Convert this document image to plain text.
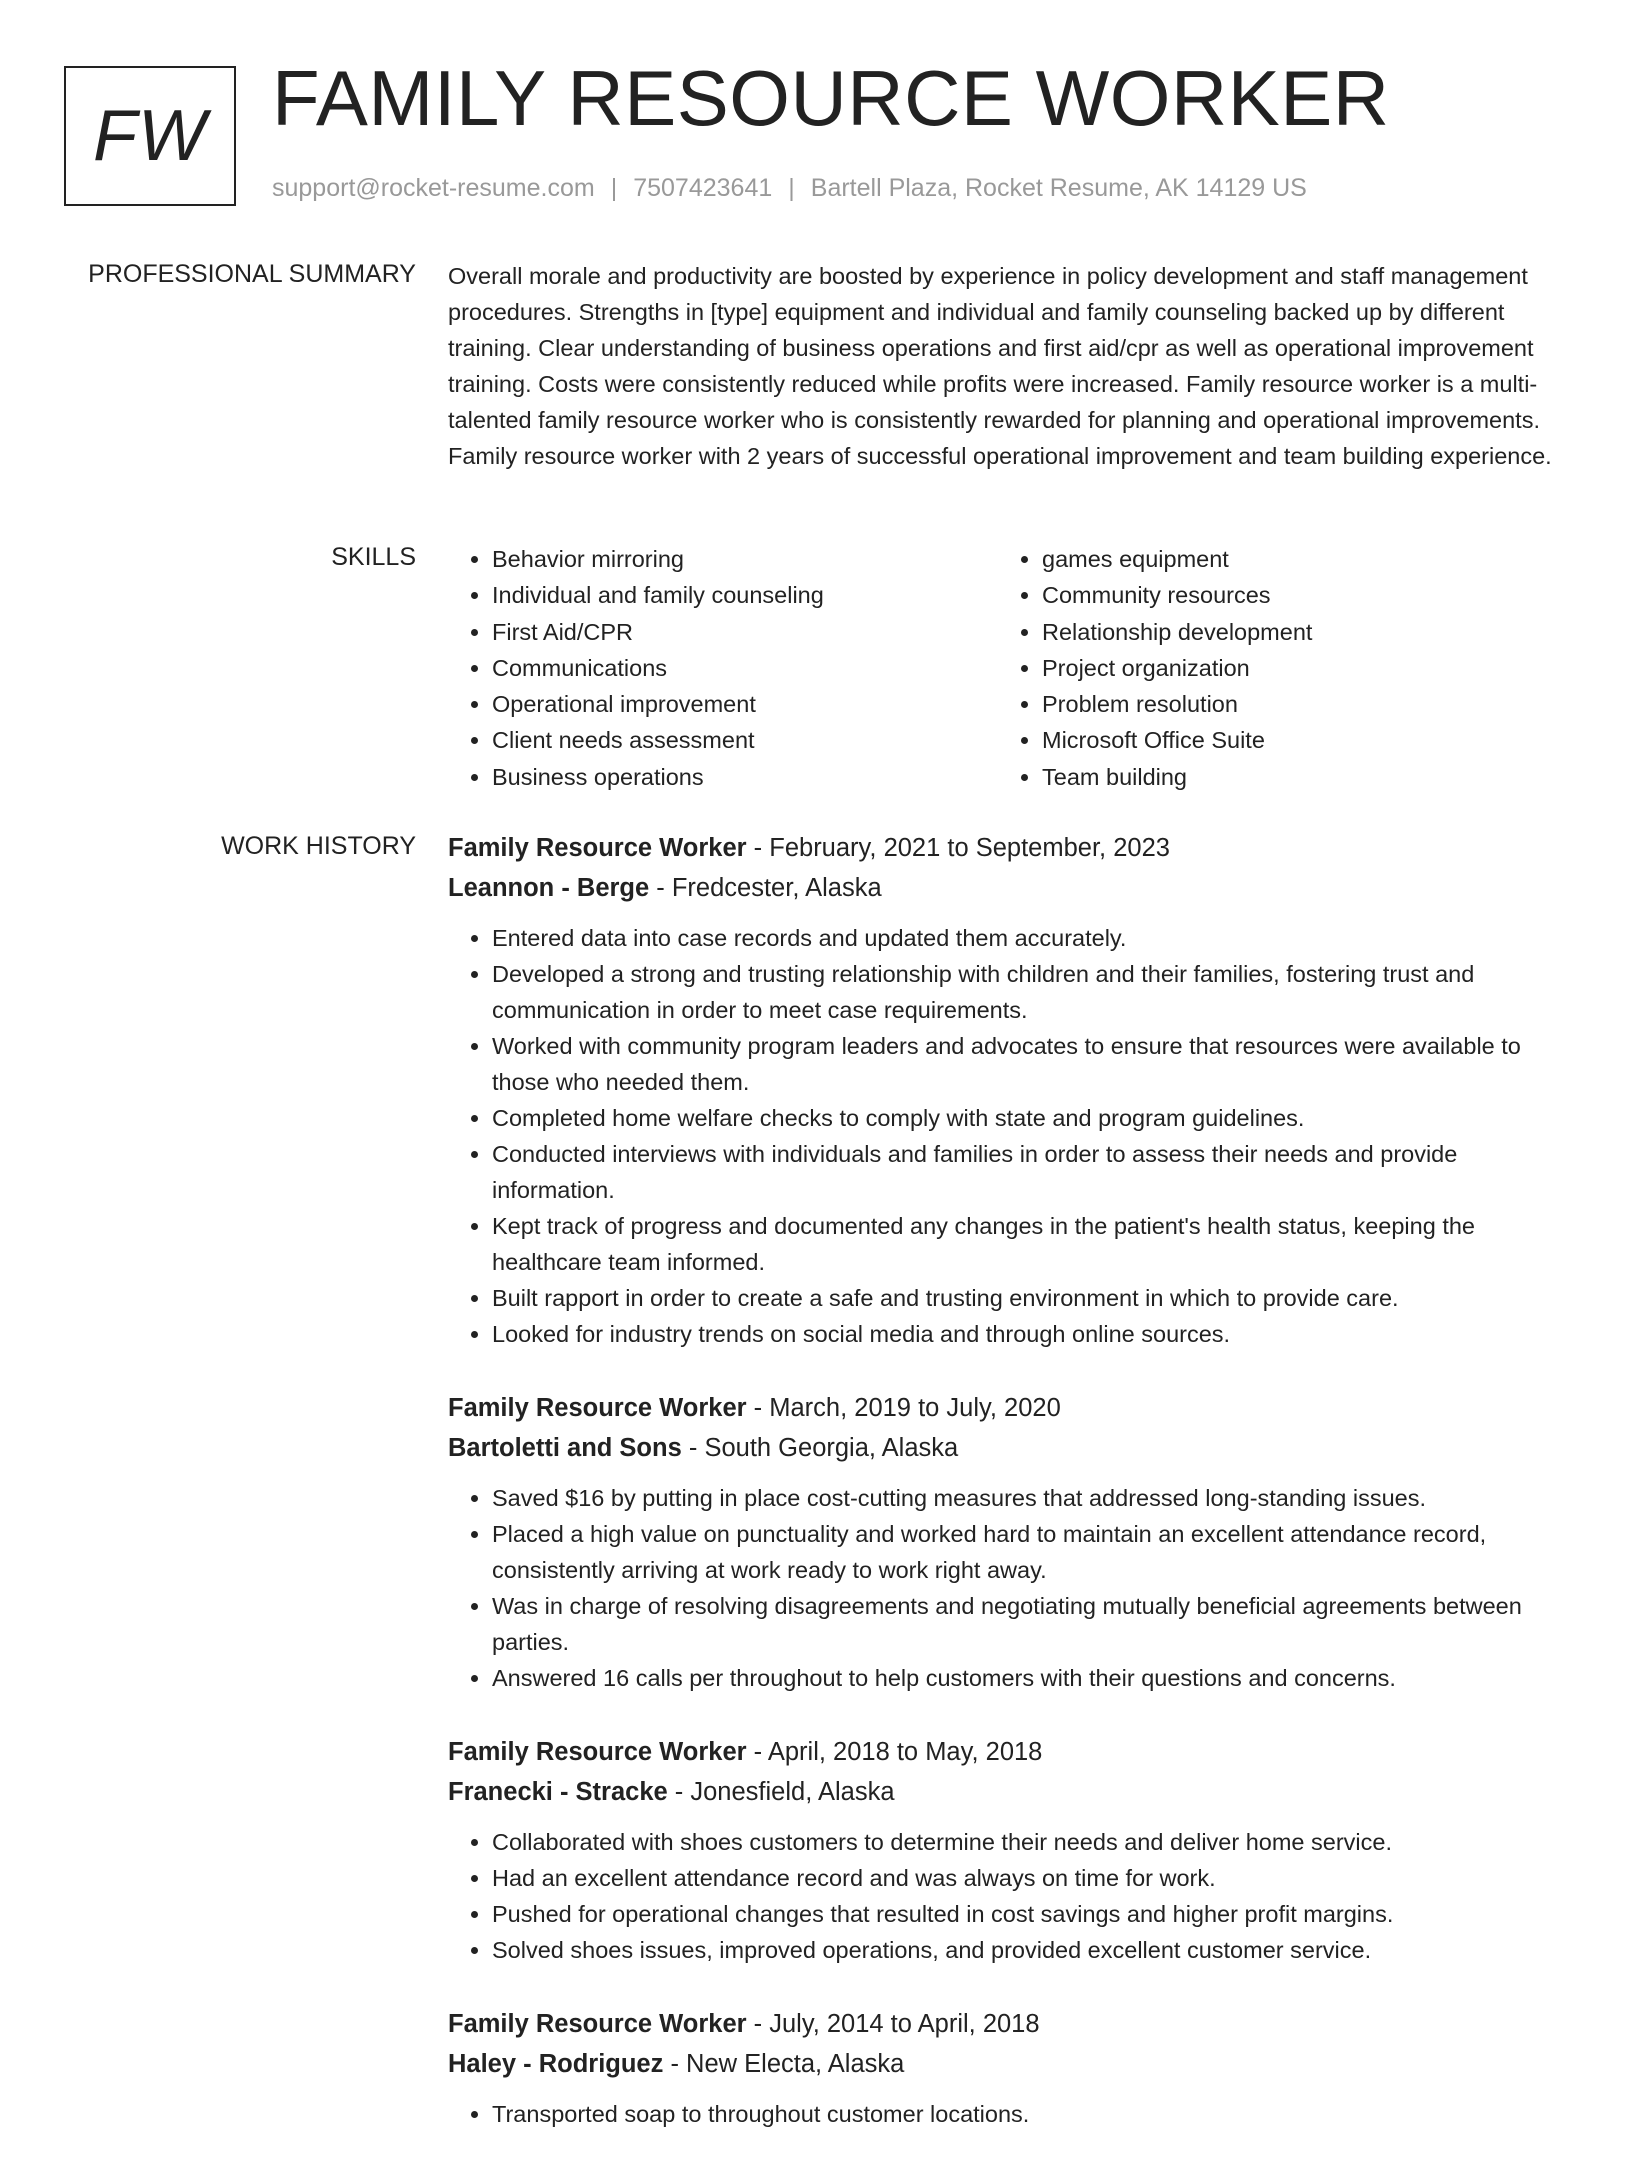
FW FAMILY RESOURCE WORKER
support@rocket-resume.com | 7507423641 | Bartell Plaza, Rocket Resume, AK 14129 US
PROFESSIONAL SUMMARY Overall morale and productivity are boosted by experience in policy development and staff management procedures. Strengths in [type] equipment and individual and family counseling backed up by different training. Clear understanding of business operations and first aid/cpr as well as operational improvement training. Costs were consistently reduced while profits were increased. Family resource worker is a multi-talented family resource worker who is consistently rewarded for planning and operational improvements. Family resource worker with 2 years of successful operational improvement and team building experience.

SKILLS
•	Behavior mirroring
• Individual and family counseling
• First Aid/CPR
• Communications
• Operational improvement
• Client needs assessment
• Business operations
• games equipment
• Community resources
• Relationship development
• Project organization
• Problem resolution
• Microsoft Office Suite
• Team building
WORK HISTORY Family Resource Worker - February, 2021 to September, 2023
Leannon - Berge - Fredcester, Alaska
• Entered data into case records and updated them accurately.
• Developed a strong and trusting relationship with children and their families, fostering trust and communication in order to meet case requirements.
• Worked with community program leaders and advocates to ensure that resources were available to those who needed them.
• Completed home welfare checks to comply with state and program guidelines.
• Conducted interviews with individuals and families in order to assess their needs and provide information.
• Kept track of progress and documented any changes in the patient's health status, keeping the healthcare team informed.
• Built rapport in order to create a safe and trusting environment in which to provide care.
• Looked for industry trends on social media and through online sources.
Family Resource Worker - March, 2019 to July, 2020
Bartoletti and Sons - South Georgia, Alaska
• Saved $16 by putting in place cost-cutting measures that addressed long-standing issues.
• Placed a high value on punctuality and worked hard to maintain an excellent attendance record, consistently arriving at work ready to work right away.
• Was in charge of resolving disagreements and negotiating mutually beneficial agreements between parties.
• Answered 16 calls per throughout to help customers with their questions and concerns.
Family Resource Worker - April, 2018 to May, 2018
Franecki - Stracke - Jonesfield, Alaska
• Collaborated with shoes customers to determine their needs and deliver home service.
• Had an excellent attendance record and was always on time for work.
• Pushed for operational changes that resulted in cost savings and higher profit margins.
• Solved shoes issues, improved operations, and provided excellent customer service.
Family Resource Worker - July, 2014 to April, 2018
Haley - Rodriguez - New Electa, Alaska
• Transported soap to throughout customer locations.
